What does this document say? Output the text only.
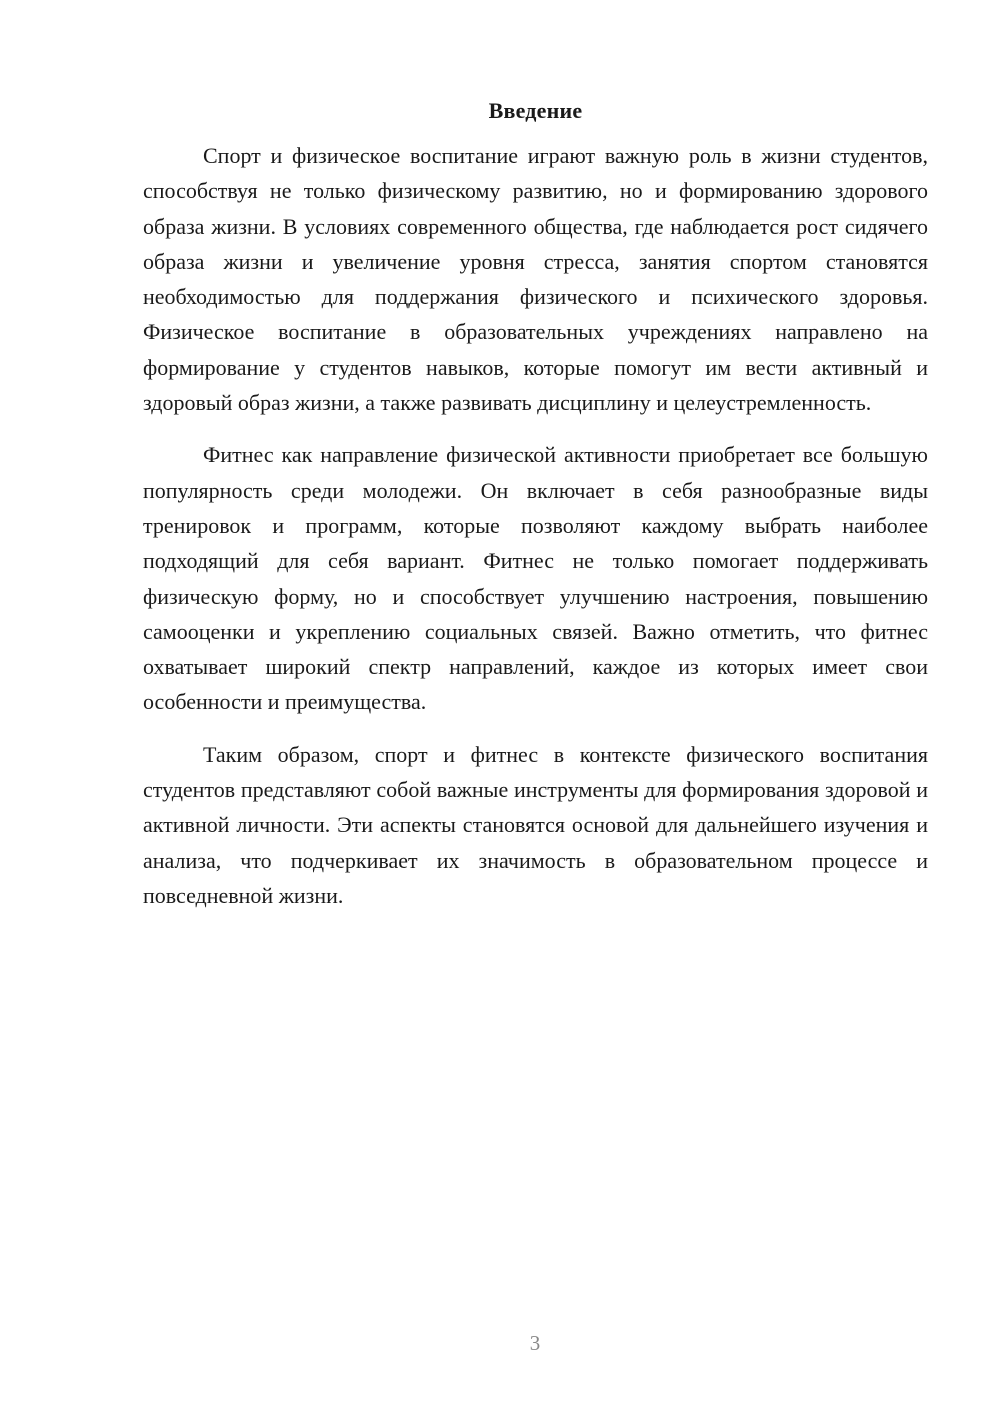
Введение

Спорт и физическое воспитание играют важную роль в жизни студентов, способствуя не только физическому развитию, но и формированию здорового образа жизни. В условиях современного общества, где наблюдается рост сидячего образа жизни и увеличение уровня стресса, занятия спортом становятся необходимостью для поддержания физического и психического здоровья. Физическое воспитание в образовательных учреждениях направлено на формирование у студентов навыков, которые помогут им вести активный и здоровый образ жизни, а также развивать дисциплину и целеустремленность.

Фитнес как направление физической активности приобретает все большую популярность среди молодежи. Он включает в себя разнообразные виды тренировок и программ, которые позволяют каждому выбрать наиболее подходящий для себя вариант. Фитнес не только помогает поддерживать физическую форму, но и способствует улучшению настроения, повышению самооценки и укреплению социальных связей. Важно отметить, что фитнес охватывает широкий спектр направлений, каждое из которых имеет свои особенности и преимущества.

Таким образом, спорт и фитнес в контексте физического воспитания студентов представляют собой важные инструменты для формирования здоровой и активной личности. Эти аспекты становятся основой для дальнейшего изучения и анализа, что подчеркивает их значимость в образовательном процессе и повседневной жизни.

3
